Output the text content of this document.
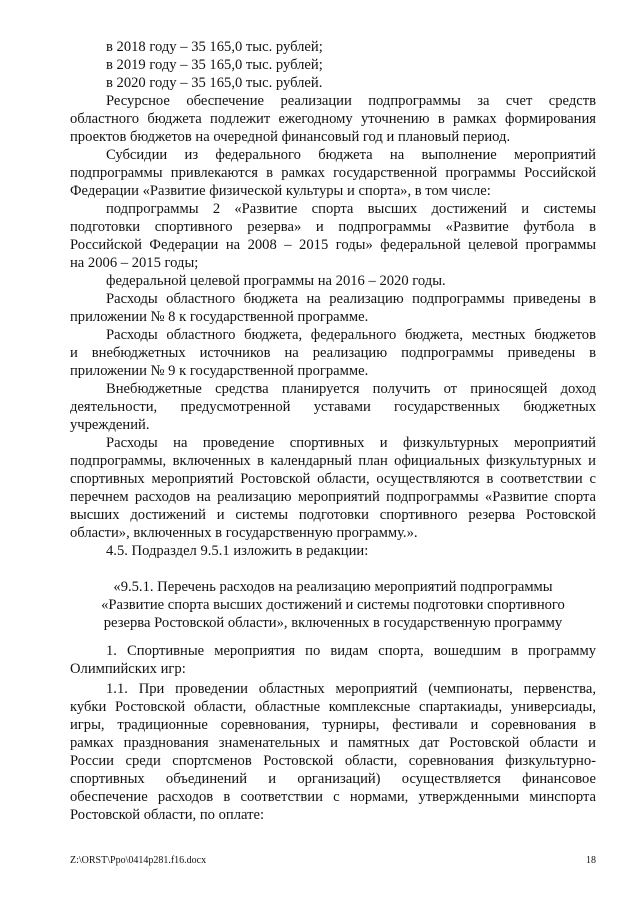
в 2018 году – 35 165,0 тыс. рублей;
в 2019 году – 35 165,0 тыс. рублей;
в 2020 году – 35 165,0 тыс. рублей.
Ресурсное обеспечение реализации подпрограммы за счет средств
областного бюджета подлежит ежегодному уточнению в рамках формирования
проектов бюджетов на очередной финансовый год и плановый период.
Субсидии из федерального бюджета на выполнение мероприятий
подпрограммы привлекаются в рамках государственной программы Российской
Федерации «Развитие физической культуры и спорта», в том числе:
подпрограммы 2 «Развитие спорта высших достижений и системы
подготовки спортивного резерва» и подпрограммы «Развитие футбола в
Российской Федерации на 2008 – 2015 годы» федеральной целевой программы
на 2006 – 2015 годы;
федеральной целевой программы на 2016 – 2020 годы.
Расходы областного бюджета на реализацию подпрограммы приведены в
приложении № 8 к государственной программе.
Расходы областного бюджета, федерального бюджета, местных бюджетов
и внебюджетных источников на реализацию подпрограммы приведены в
приложении № 9 к государственной программе.
Внебюджетные средства планируется получить от приносящей доход
деятельности, предусмотренной уставами государственных бюджетных
учреждений.
Расходы на проведение спортивных и физкультурных мероприятий
подпрограммы, включенных в календарный план официальных физкультурных и
спортивных мероприятий Ростовской области, осуществляются в соответствии с
перечнем расходов на реализацию мероприятий подпрограммы «Развитие спорта
высших достижений и системы подготовки спортивного резерва Ростовской
области», включенных в государственную программу.».
4.5. Подраздел 9.5.1 изложить в редакции:
«9.5.1. Перечень расходов на реализацию мероприятий подпрограммы
«Развитие спорта высших достижений и системы подготовки спортивного
резерва Ростовской области», включенных в государственную программу
1. Спортивные мероприятия по видам спорта, вошедшим в программу
Олимпийских игр:
1.1. При проведении областных мероприятий (чемпионаты, первенства,
кубки Ростовской области, областные комплексные спартакиады, универсиады,
игры, традиционные соревнования, турниры, фестивали и соревнования в
рамках празднования знаменательных и памятных дат Ростовской области и
России среди спортсменов Ростовской области, соревнования физкультурно-
спортивных объединений и организаций) осуществляется финансовое
обеспечение расходов в соответствии с нормами, утвержденными минспорта
Ростовской области, по оплате:
Z:\ORST\Ppo\0414p281.f16.docx	18
